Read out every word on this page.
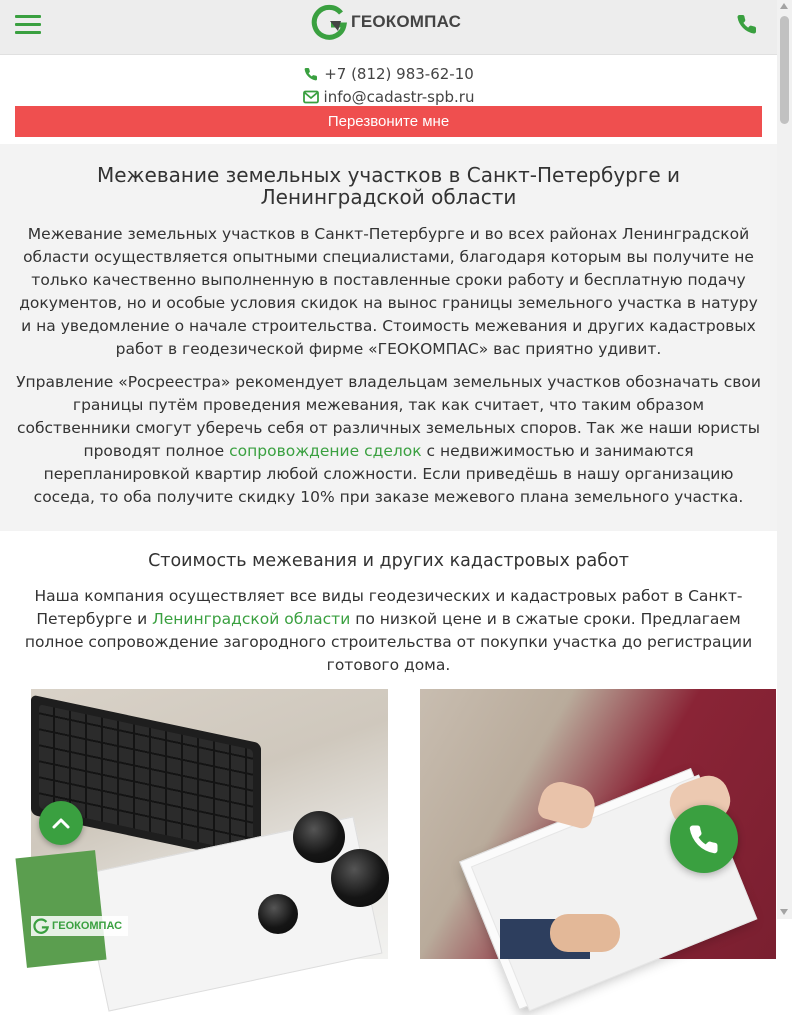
ГЕОКОМПАС
+7 (812) 983-62-10
info@cadastr-spb.ru
Перезвоните мне
Межевание земельных участков в Санкт-Петербурге и Ленинградской области

Межевание земельных участков в Санкт-Петербурге и во всех районах Ленинградской области осуществляется опытными специалистами, благодаря которым вы получите не только качественно выполненную в поставленные сроки работу и бесплатную подачу документов, но и особые условия скидок на вынос границы земельного участка в натуру и на уведомление о начале строительства. Стоимость межевания и других кадастровых работ в геодезической фирме «ГЕОКОМПАС» вас приятно удивит.

Управление «Росреестра» рекомендует владельцам земельных участков обозначать свои границы путём проведения межевания, так как считает, что таким образом собственники смогут уберечь себя от различных земельных споров. Так же наши юристы проводят полное сопровождение сделок с недвижимостью и занимаются перепланировкой квартир любой сложности. Если приведёшь в нашу организацию соседа, то оба получите скидку 10% при заказе межевого плана земельного участка.

Стоимость межевания и других кадастровых работ

Наша компания осуществляет все виды геодезических и кадастровых работ в Санкт-Петербурге и Ленинградской области по низкой цене и в сжатые сроки. Предлагаем полное сопровождение загородного строительства от покупки участка до регистрации готового дома.

ГЕОКОМПАС
